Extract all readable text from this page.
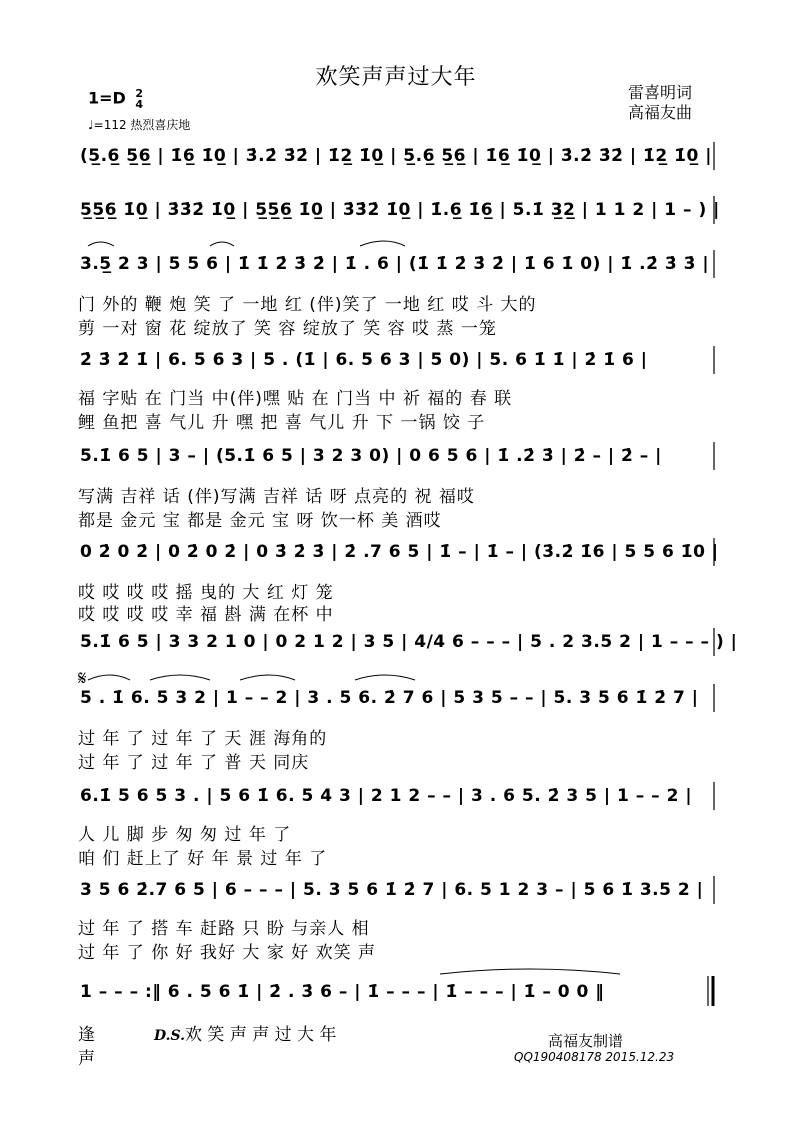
欢笑声声过大年
雷喜明词
高福友曲
1=D 2
4
♩=112 热烈喜庆地
(5̲.6̲ 5̲6̲ | 1̇6̲ 1̇0̲ | 3̇.2̇ 3̇2̇ | 1̇2̲ 1̇0̲ | 5̲.6̲ 5̲6̲ | 1̇6̲ 1̇0̲ | 3̇.2̇ 3̇2̇ | 1̇2̲ 1̇0̲ |
5̲5̲6̲ 1̇0̲ | 3̇3̇2̇ 1̇0̲ | 5̲5̲6̲ 1̇0̲ | 3̇3̇2̇ 1̇0̲ | 1̇.6̲ 1̇6̲ | 5.1̇ 3̲2̲ | 1 1 2 | 1 – ) |
3.5̲ 2 3 | 5 5 6 | 1̇ 1̇ 2̇ 3̇ 2̇ | 1̇ . 6 | (1̇ 1̇ 2̇ 3̇ 2̇ | 1̇ 6 1̇ 0) | 1̇ .2̇ 3̇ 3̇ |
门 外的 鞭 炮 笑 了 一地 红 (伴)笑了 一地 红 哎 斗 大的
剪 一对 窗 花 绽放了 笑 容 绽放了 笑 容 哎 蒸 一笼
2̇ 3̇ 2̇ 1̇ | 6. 5 6 3 | 5 . (1̇ | 6. 5 6 3 | 5 0) | 5. 6 1̇ 1̇ | 2̇ 1̇ 6 |
福 字贴 在 门当 中(伴)嘿 贴 在 门当 中 祈 福的 春 联
鲤 鱼把 喜 气儿 升 嘿 把 喜 气儿 升 下 一锅 饺 子
5.1̇ 6 5 | 3 – | (5.1̇ 6 5 | 3 2 3 0) | 0 6 5 6 | 1̇ .2̇ 3̇ | 2̇ – | 2̇ – |
写满 吉祥 话 (伴)写满 吉祥 话 呀 点亮的 祝 福哎
都是 金元 宝 都是 金元 宝 呀 饮一杯 美 酒哎
0 2̇ 0 2̇ | 0 2̇ 0 2̇ | 0 3̇ 2̇ 3̇ | 2̇ .7 6 5 | 1̇ – | 1̇ – | (3̇.2̇ 1̇6 | 5 5 6 1̇0 |
哎 哎 哎 哎 摇 曳的 大 红 灯 笼
哎 哎 哎 哎 幸 福 斟 满 在杯 中
5.1̇ 6 5 | 3 3 2 1 0 | 0 2 1 2 | 3 5 | 4/4 6 – – – | 5 . 2 3.5 2 | 1 – – – ) |
𝄋
5 . 1̇ 6. 5 3 2 | 1 – – 2 | 3 . 5 6. 2̇ 7 6 | 5 3 5 – – | 5. 3 5 6 1̇ 2̇ 7 |
过 年 了 过 年 了 天 涯 海角的
过 年 了 过 年 了 普 天 同庆
6.1̇ 5 6 5 3 . | 5 6 1̇ 6. 5 4 3 | 2 1 2 – – | 3 . 6 5. 2̇ 3 5 | 1 – – 2 |
人 儿 脚 步 匆 匆 过 年 了
咱 们 赶上了 好 年 景 过 年 了
3 5 6 2̇.7 6 5 | 6 – – – | 5. 3 5 6 1̇ 2̇ 7 | 6. 5 1 2 3 – | 5 6 1̇ 3.5 2 |
过 年 了 搭 车 赶路 只 盼 与亲人 相
过 年 了 你 好 我好 大 家 好 欢笑 声
1 – – – :‖ 6 . 5 6 1̇ | 2̇ . 3̇ 6 – | 1̇ – – – | 1̇ – – – | 1̇ – 0 0 ‖
逢
声
D.S.欢 笑 声 声 过 大 年	高福友制谱
QQ190408178 2015.12.23
